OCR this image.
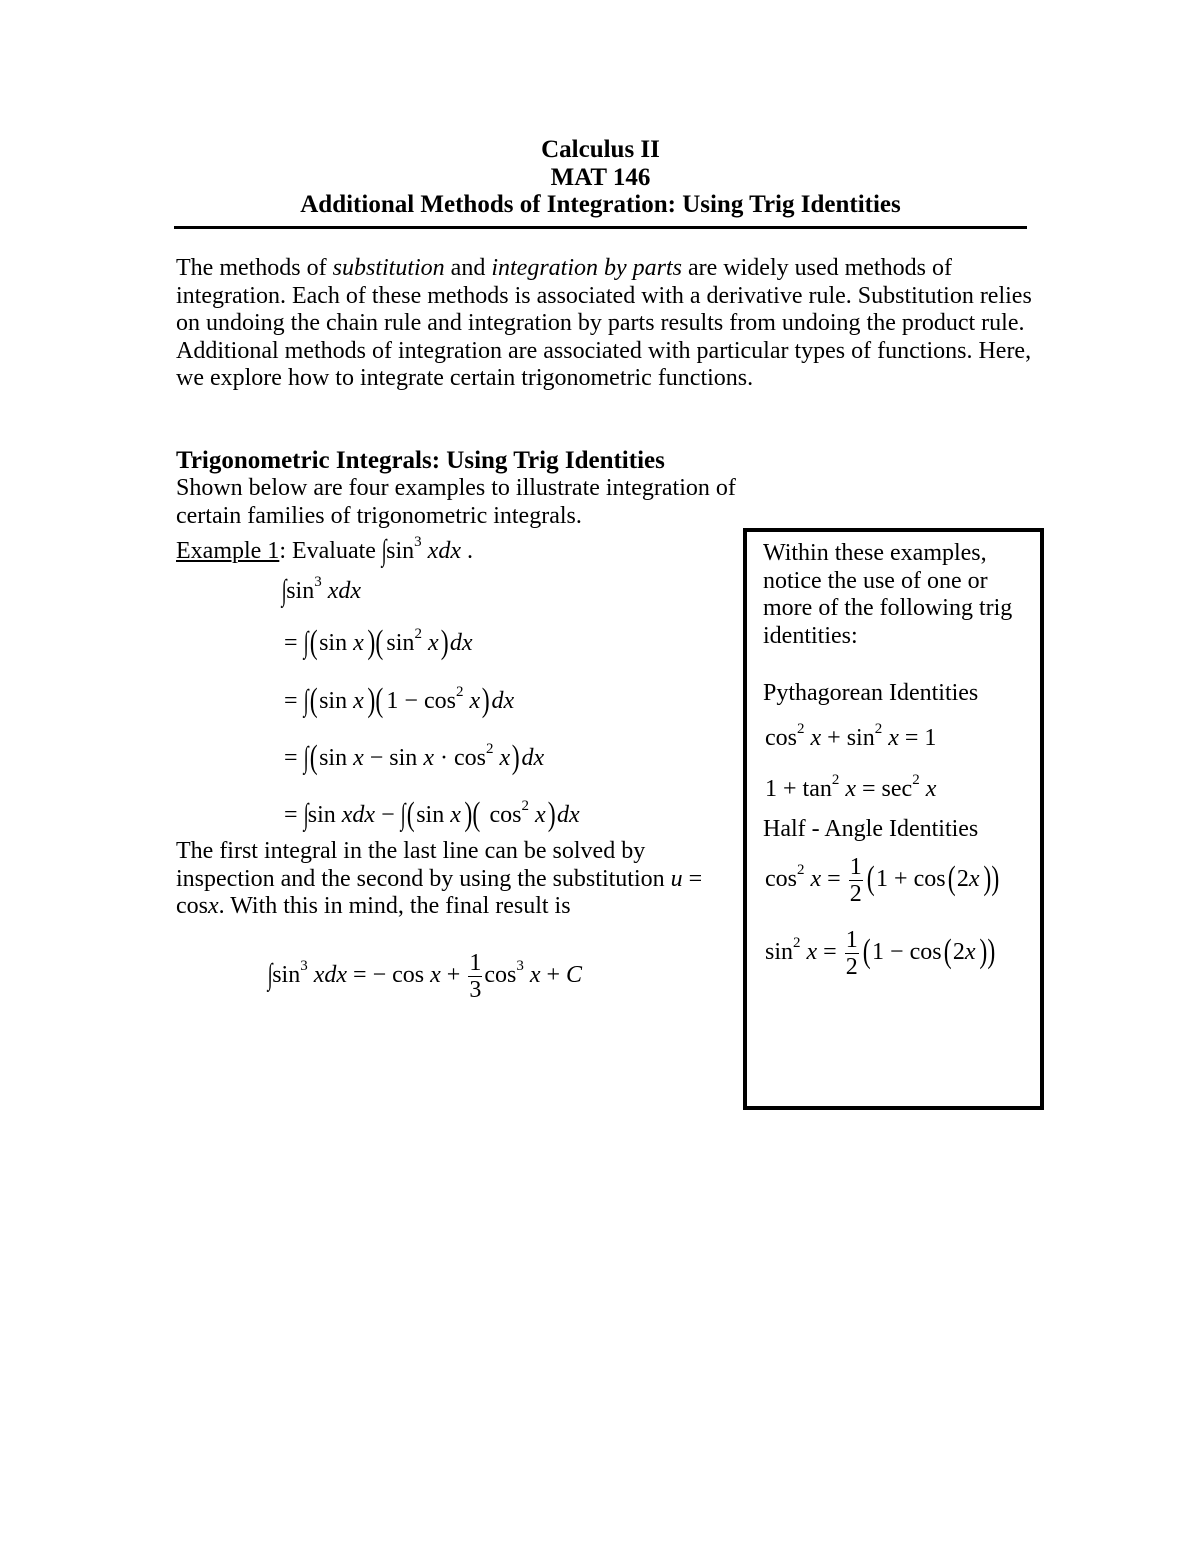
Calculus II
MAT 146
Additional Methods of Integration: Using Trig Identities

The methods of substitution and integration by parts are widely used methods of integration. Each of these methods is associated with a derivative rule. Substitution relies on undoing the chain rule and integration by parts results from undoing the product rule. Additional methods of integration are associated with particular types of functions. Here, we explore how to integrate certain trigonometric functions.

Trigonometric Integrals: Using Trig Identities

Shown below are four examples to illustrate integration of certain families of trigonometric integrals.

Example 1: Evaluate $\int\sin^3$ xdx .
$\int\sin^3$ xdx
= ∫(sin x)( $\sin^2 x)dx$
= ∫(sin x)( $1 - \cos^2 x)dx$
= ∫(sin $x - \sin x \cdot \cos^2 x)dx$
= ∫sin xdx − ∫(sin x)( $\cos^2 x)dx$

The first integral in the last line can be solved by inspection and the second by using the substitution u = cosx. With this in mind, the final result is

$\int\sin^3$ xdx = − $\cos x + \frac{1}{3} \cos^3 x + C$
Within these examples, notice the use of one or more of the following trig identities:
Pythagorean Identities
$\cos^2 x + \sin^2 x = 1$
$1 + \tan^2 x = \sec^2 x$
Half - Angle Identities
$\cos^2 x = \frac{1}{2} (1 + \cos(2x))$
$\sin^2 x = \frac{1}{2} (1 - \cos(2x))$
